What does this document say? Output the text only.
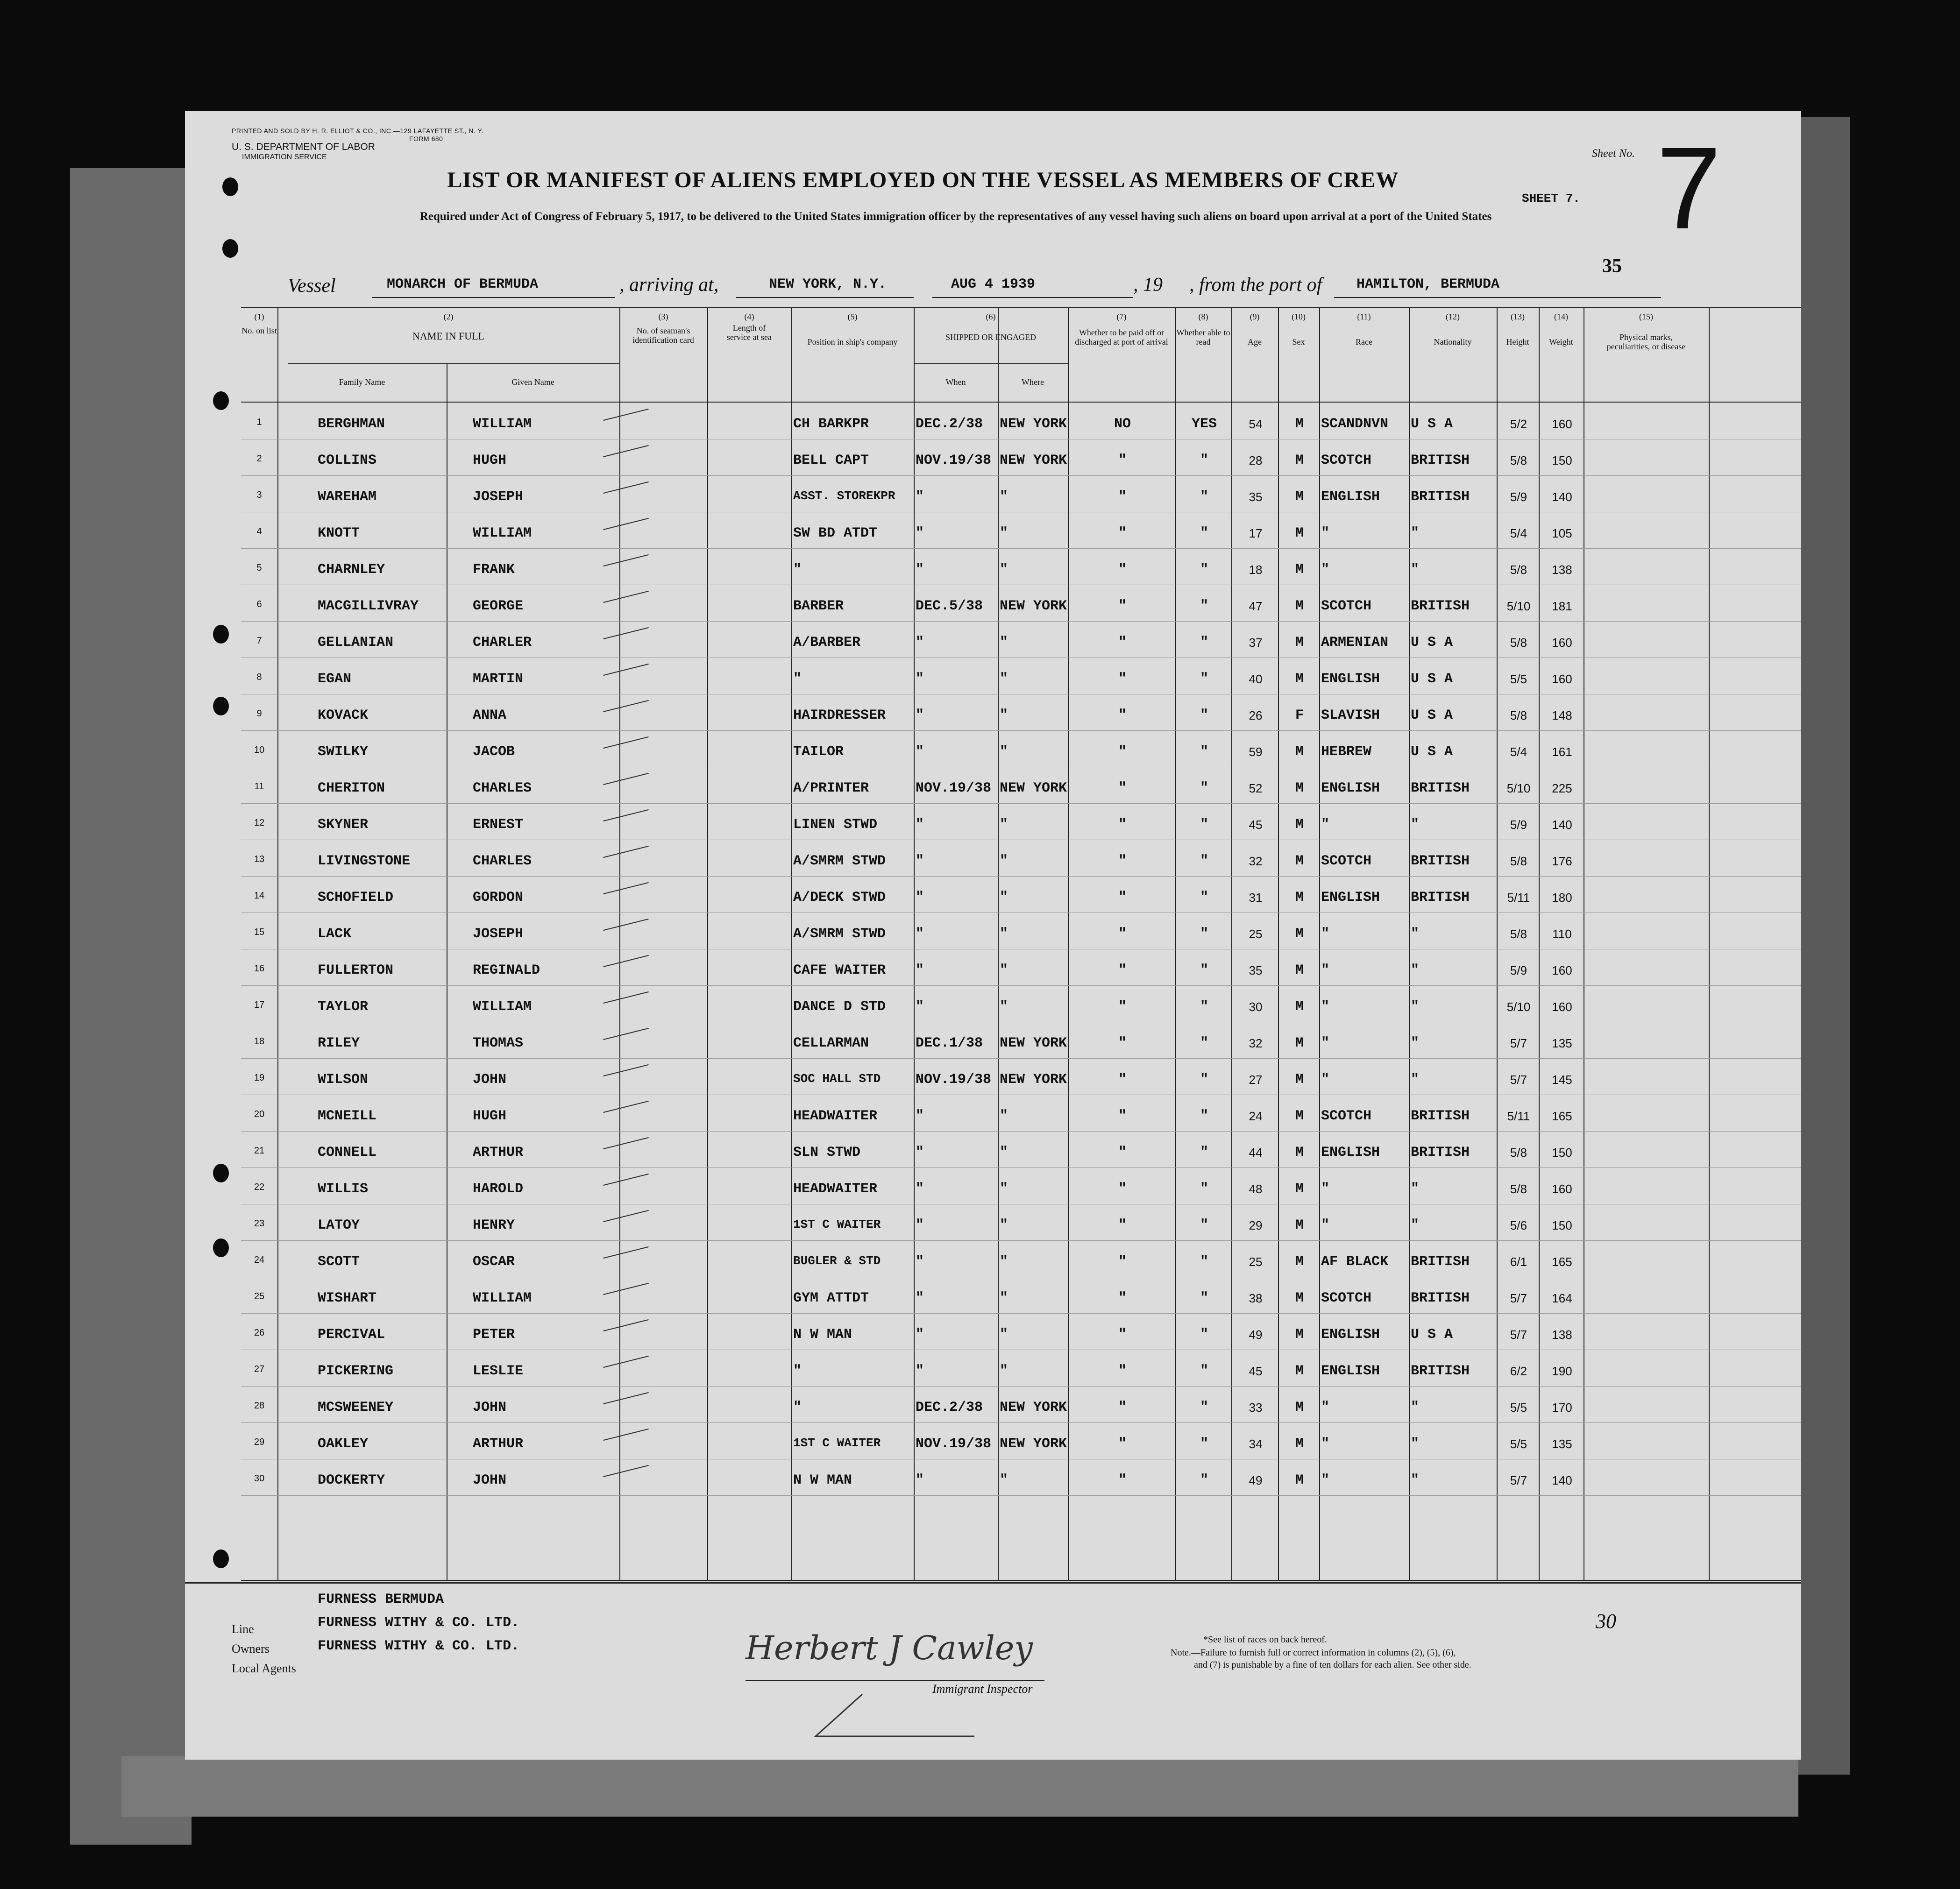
PRINTED AND SOLD BY H. R. ELLIOT & CO., INC.—129 LAFAYETTE ST., N. Y.
FORM 680
U. S. DEPARTMENT OF LABOR
IMMIGRATION SERVICE	Sheet No. 7
SHEET 7.
LIST OR MANIFEST OF ALIENS EMPLOYED ON THE VESSEL AS MEMBERS OF CREW
Required under Act of Congress of February 5, 1917, to be delivered to the United States immigration officer by the representatives of any vessel having such aliens on board upon arrival at a port of the United States
Vessel	MONARCH OF BERMUDA	, arriving at,	NEW YORK, N.Y.	AUG 4 1939	, 19 , from the port of HAMILTON, BERMUDA
35
(1)
No. on list
(2)
NAME IN FULL
Family Name	Given Name
(3)
No. of seaman's identification card
(4)
Length of service at sea
(5)
Position in ship's company
(6)
SHIPPED OR ENGAGED
When	Where
(7)
Whether to be paid off or discharged at port of arrival
(8)
Whether able to read
(9)
Age
(10)
Sex
(11)
Race
(12)
Nationality
(13)
Height
(14)
Weight
(15)
Physical marks, peculiarities, or disease
1	BERGHMAN	WILLIAM	CH BARKPR	DEC.2/38	NEW YORK	NO	YES	54	M	SCANDNVN	U S A	5/2	160
2	COLLINS	HUGH	BELL CAPT	NOV.19/38 NEW YORK	"	"	28	M	SCOTCH	BRITISH	5/8	150
3	WAREHAM	JOSEPH	ASST. STOREKPR	"	"	"	"	35	M	ENGLISH	BRITISH	5/9	140
4	KNOTT	WILLIAM	SW BD ATDT	"	"	"	"	17	M	"	"	5/4	105
5	CHARNLEY	FRANK	"	"	"	"	"	18	M	"	"	5/8	138
6	MACGILLIVRAY	GEORGE	BARBER	DEC.5/38	NEW YORK	"	"	47	M	SCOTCH	BRITISH	5/10	181
7	GELLANIAN	CHARLER	A/BARBER	"	"	"	"	37	M	ARMENIAN	U S A	5/8	160
8	EGAN	MARTIN	"	"	"	"	"	40	M	ENGLISH	U S A	5/5	160
9	KOVACK	ANNA	HAIRDRESSER	"	"	"	"	26	F	SLAVISH	U S A	5/8	148
10	SWILKY	JACOB	TAILOR	"	"	"	"	59	M	HEBREW	U S A	5/4	161
11	CHERITON	CHARLES	A/PRINTER	NOV.19/38 NEW YORK	"	"	52	M	ENGLISH	BRITISH	5/10	225
12	SKYNER	ERNEST	LINEN STWD	"	"	"	"	45	M	"	"	5/9	140
13	LIVINGSTONE	CHARLES	A/SMRM STWD	"	"	"	"	32	M	SCOTCH	BRITISH	5/8	176
14	SCHOFIELD	GORDON	A/DECK STWD	"	"	"	"	31	M	ENGLISH	BRITISH	5/11	180
15	LACK	JOSEPH	A/SMRM STWD	"	"	"	"	25	M	"	"	5/8	110
16	FULLERTON	REGINALD	CAFE WAITER	"	"	"	"	35	M	"	"	5/9	160
17	TAYLOR	WILLIAM	DANCE D STD	"	"	"	"	30	M	"	"	5/10	160
18	RILEY	THOMAS	CELLARMAN	DEC.1/38	NEW YORK	"	"	32	M	"	"	5/7	135
19	WILSON	JOHN	SOC HALL STD	NOV.19/38 NEW YORK	"	"	27	M	"	"	5/7	145
20	MCNEILL	HUGH	HEADWAITER	"	"	"	"	24	M	SCOTCH	BRITISH	5/11	165
21	CONNELL	ARTHUR	SLN STWD	"	"	"	"	44	M	ENGLISH	BRITISH	5/8	150
22	WILLIS	HAROLD	HEADWAITER	"	"	"	"	48	M	"	"	5/8	160
23	LATOY	HENRY	1ST C WAITER	"	"	"	"	29	M	"	"	5/6	150
24	SCOTT	OSCAR	BUGLER & STD	"	"	"	"	25	M	AF BLACK	BRITISH	6/1	165
25	WISHART	WILLIAM	GYM ATTDT	"	"	"	"	38	M	SCOTCH	BRITISH	5/7	164
26	PERCIVAL	PETER	N W MAN	"	"	"	"	49	M	ENGLISH	U S A	5/7	138
27	PICKERING	LESLIE	"	"	"	"	"	45	M	ENGLISH	BRITISH	6/2	190
28	MCSWEENEY	JOHN	"	DEC.2/38	NEW YORK	"	"	33	M	"	"	5/5	170
29	OAKLEY	ARTHUR	1ST C WAITER	NOV.19/38 NEW YORK	"	"	34	M	"	"	5/5	135
30	DOCKERTY	JOHN	N W MAN	"	"	"	"	49	M	"	"	5/7	140
Line
FURNESS BERMUDA
Owners
FURNESS WITHY & CO. LTD.
Local Agents
FURNESS WITHY & CO. LTD.	Herbert J Cawley
Immigrant Inspector
*See list of races on back hereof.
Note.—Failure to furnish full or correct information in columns (2), (5), (6),
and (7) is punishable by a fine of ten dollars for each alien. See other side.
30
